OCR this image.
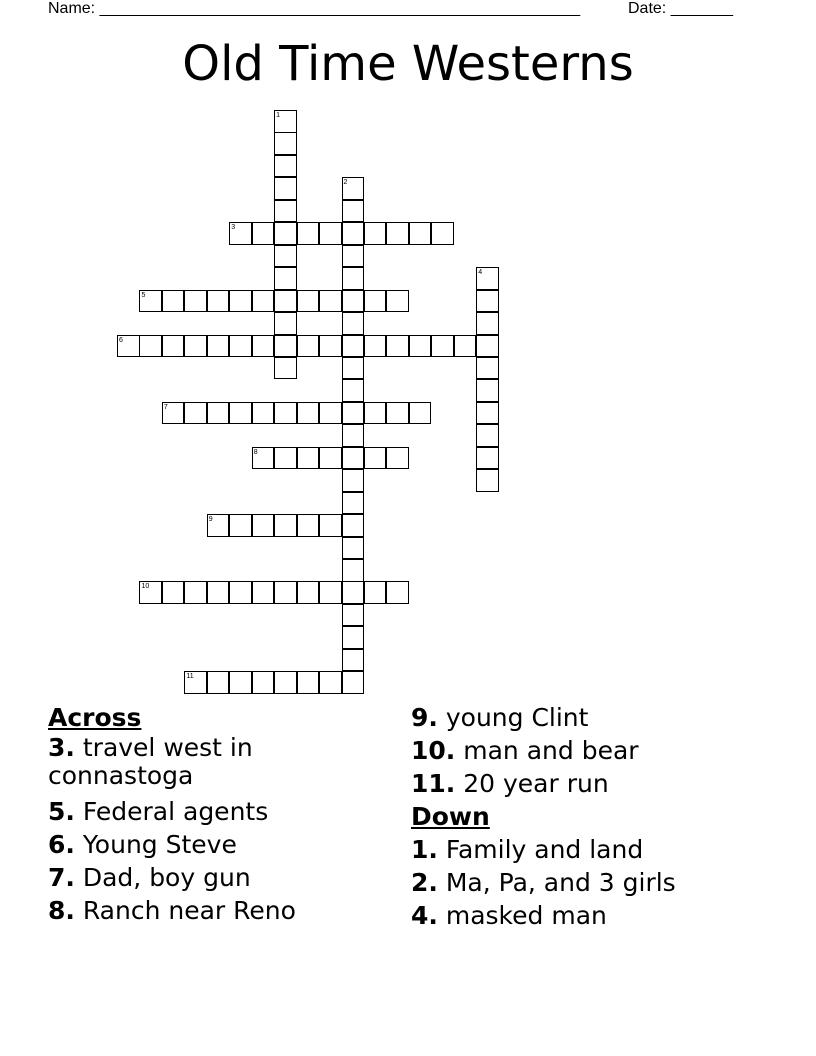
Name: ______________________________________________________	Date: _______
Old Time Westerns
1
2
3
4
5
6
7
8
9
10
11
Across
3. travel west in connastoga
5. Federal agents
6. Young Steve
7. Dad, boy gun
8. Ranch near Reno
9. young Clint
10. man and bear
11. 20 year run
Down
1. Family and land
2. Ma, Pa, and 3 girls
4. masked man
